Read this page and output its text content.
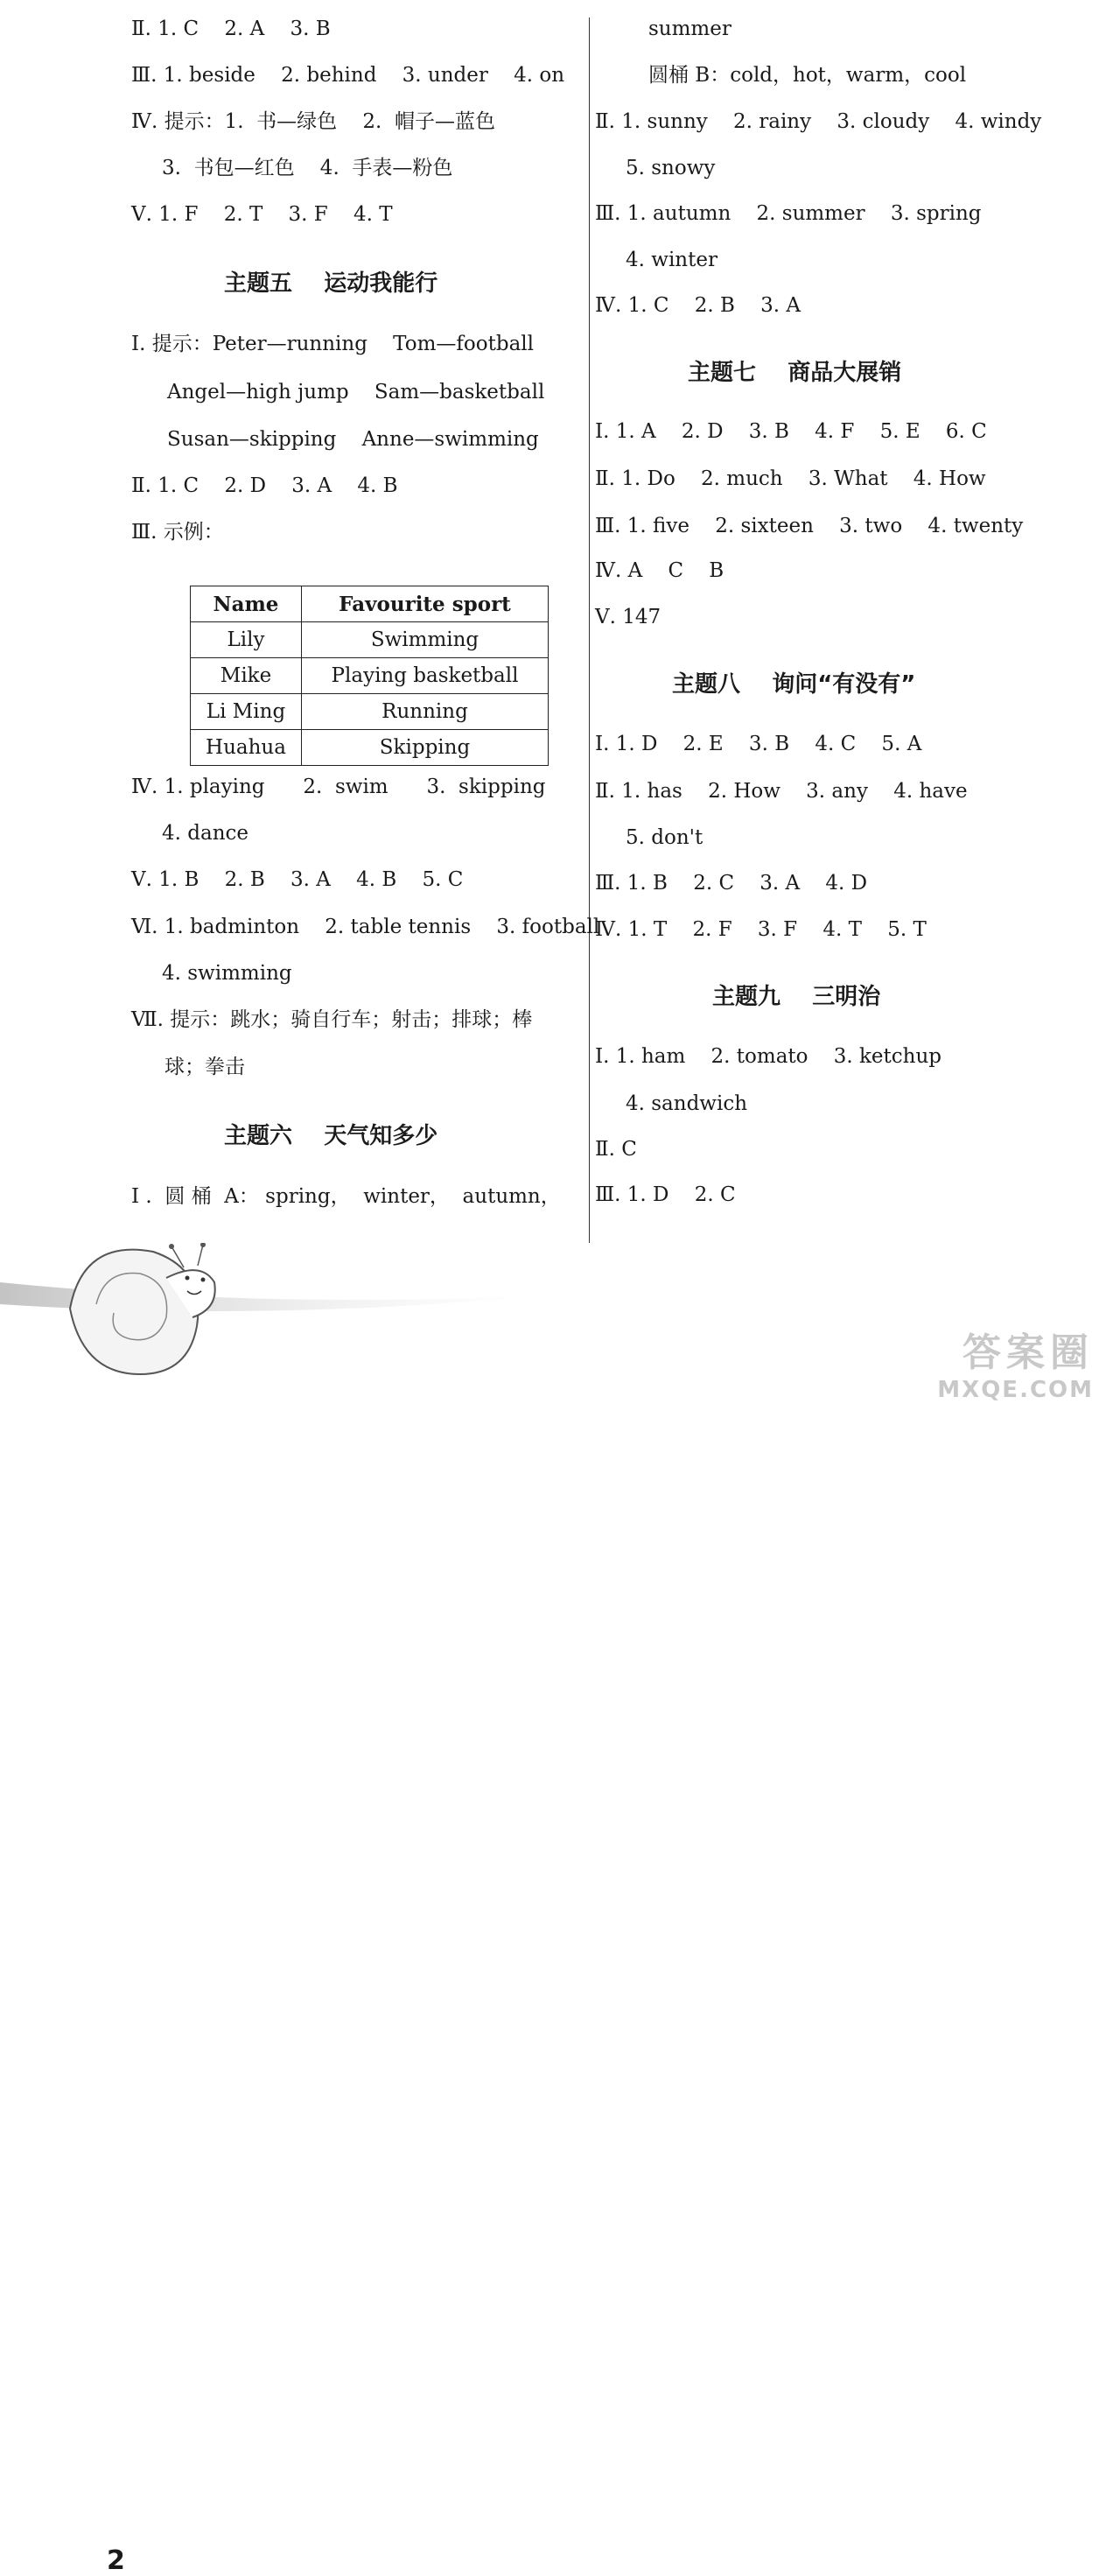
Ⅱ. 1. C    2. A    3. B
Ⅲ. 1. beside    2. behind    3. under    4. on
Ⅳ. 提示：1.  书—绿色    2.  帽子—蓝色
3.  书包—红色    4.  手表—粉色
Ⅴ. 1. F    2. T    3. F    4. T
主题五    运动我能行
Ⅰ. 提示：Peter—running    Tom—football
Angel—high jump    Sam—basketball
Susan—skipping    Anne—swimming
Ⅱ. 1. C    2. D    3. A    4. B
Ⅲ. 示例：
Name	Favourite sport
Lily	Swimming
Mike	Playing basketball
Li Ming	Running
Huahua	Skipping
Ⅳ. 1. playing      2.  swim      3.  skipping
4. dance
Ⅴ. 1. B    2. B    3. A    4. B    5. C
Ⅵ. 1. badminton    2. table tennis    3. football
4. swimming
Ⅶ. 提示：跳水；骑自行车；射击；排球；棒
球；拳击
主题六    天气知多少
Ⅰ .  圆 桶  A： spring，  winter，  autumn，
summer
圆桶 B：cold，hot，warm，cool
Ⅱ. 1. sunny    2. rainy    3. cloudy    4. windy
5. snowy
Ⅲ. 1. autumn    2. summer    3. spring
4. winter
Ⅳ. 1. C    2. B    3. A
主题七    商品大展销
Ⅰ. 1. A    2. D    3. B    4. F    5. E    6. C
Ⅱ. 1. Do    2. much    3. What    4. How
Ⅲ. 1. five    2. sixteen    3. two    4. twenty
Ⅳ. A    C    B
Ⅴ. 147
主题八    询问“有没有”
Ⅰ. 1. D    2. E    3. B    4. C    5. A
Ⅱ. 1. has    2. How    3. any    4. have
5. don't
Ⅲ. 1. B    2. C    3. A    4. D
Ⅳ. 1. T    2. F    3. F    4. T    5. T
主题九    三明治
Ⅰ. 1. ham    2. tomato    3. ketchup
4. sandwich
Ⅱ. C
Ⅲ. 1. D    2. C
2
答案圈
MXQE.COM
